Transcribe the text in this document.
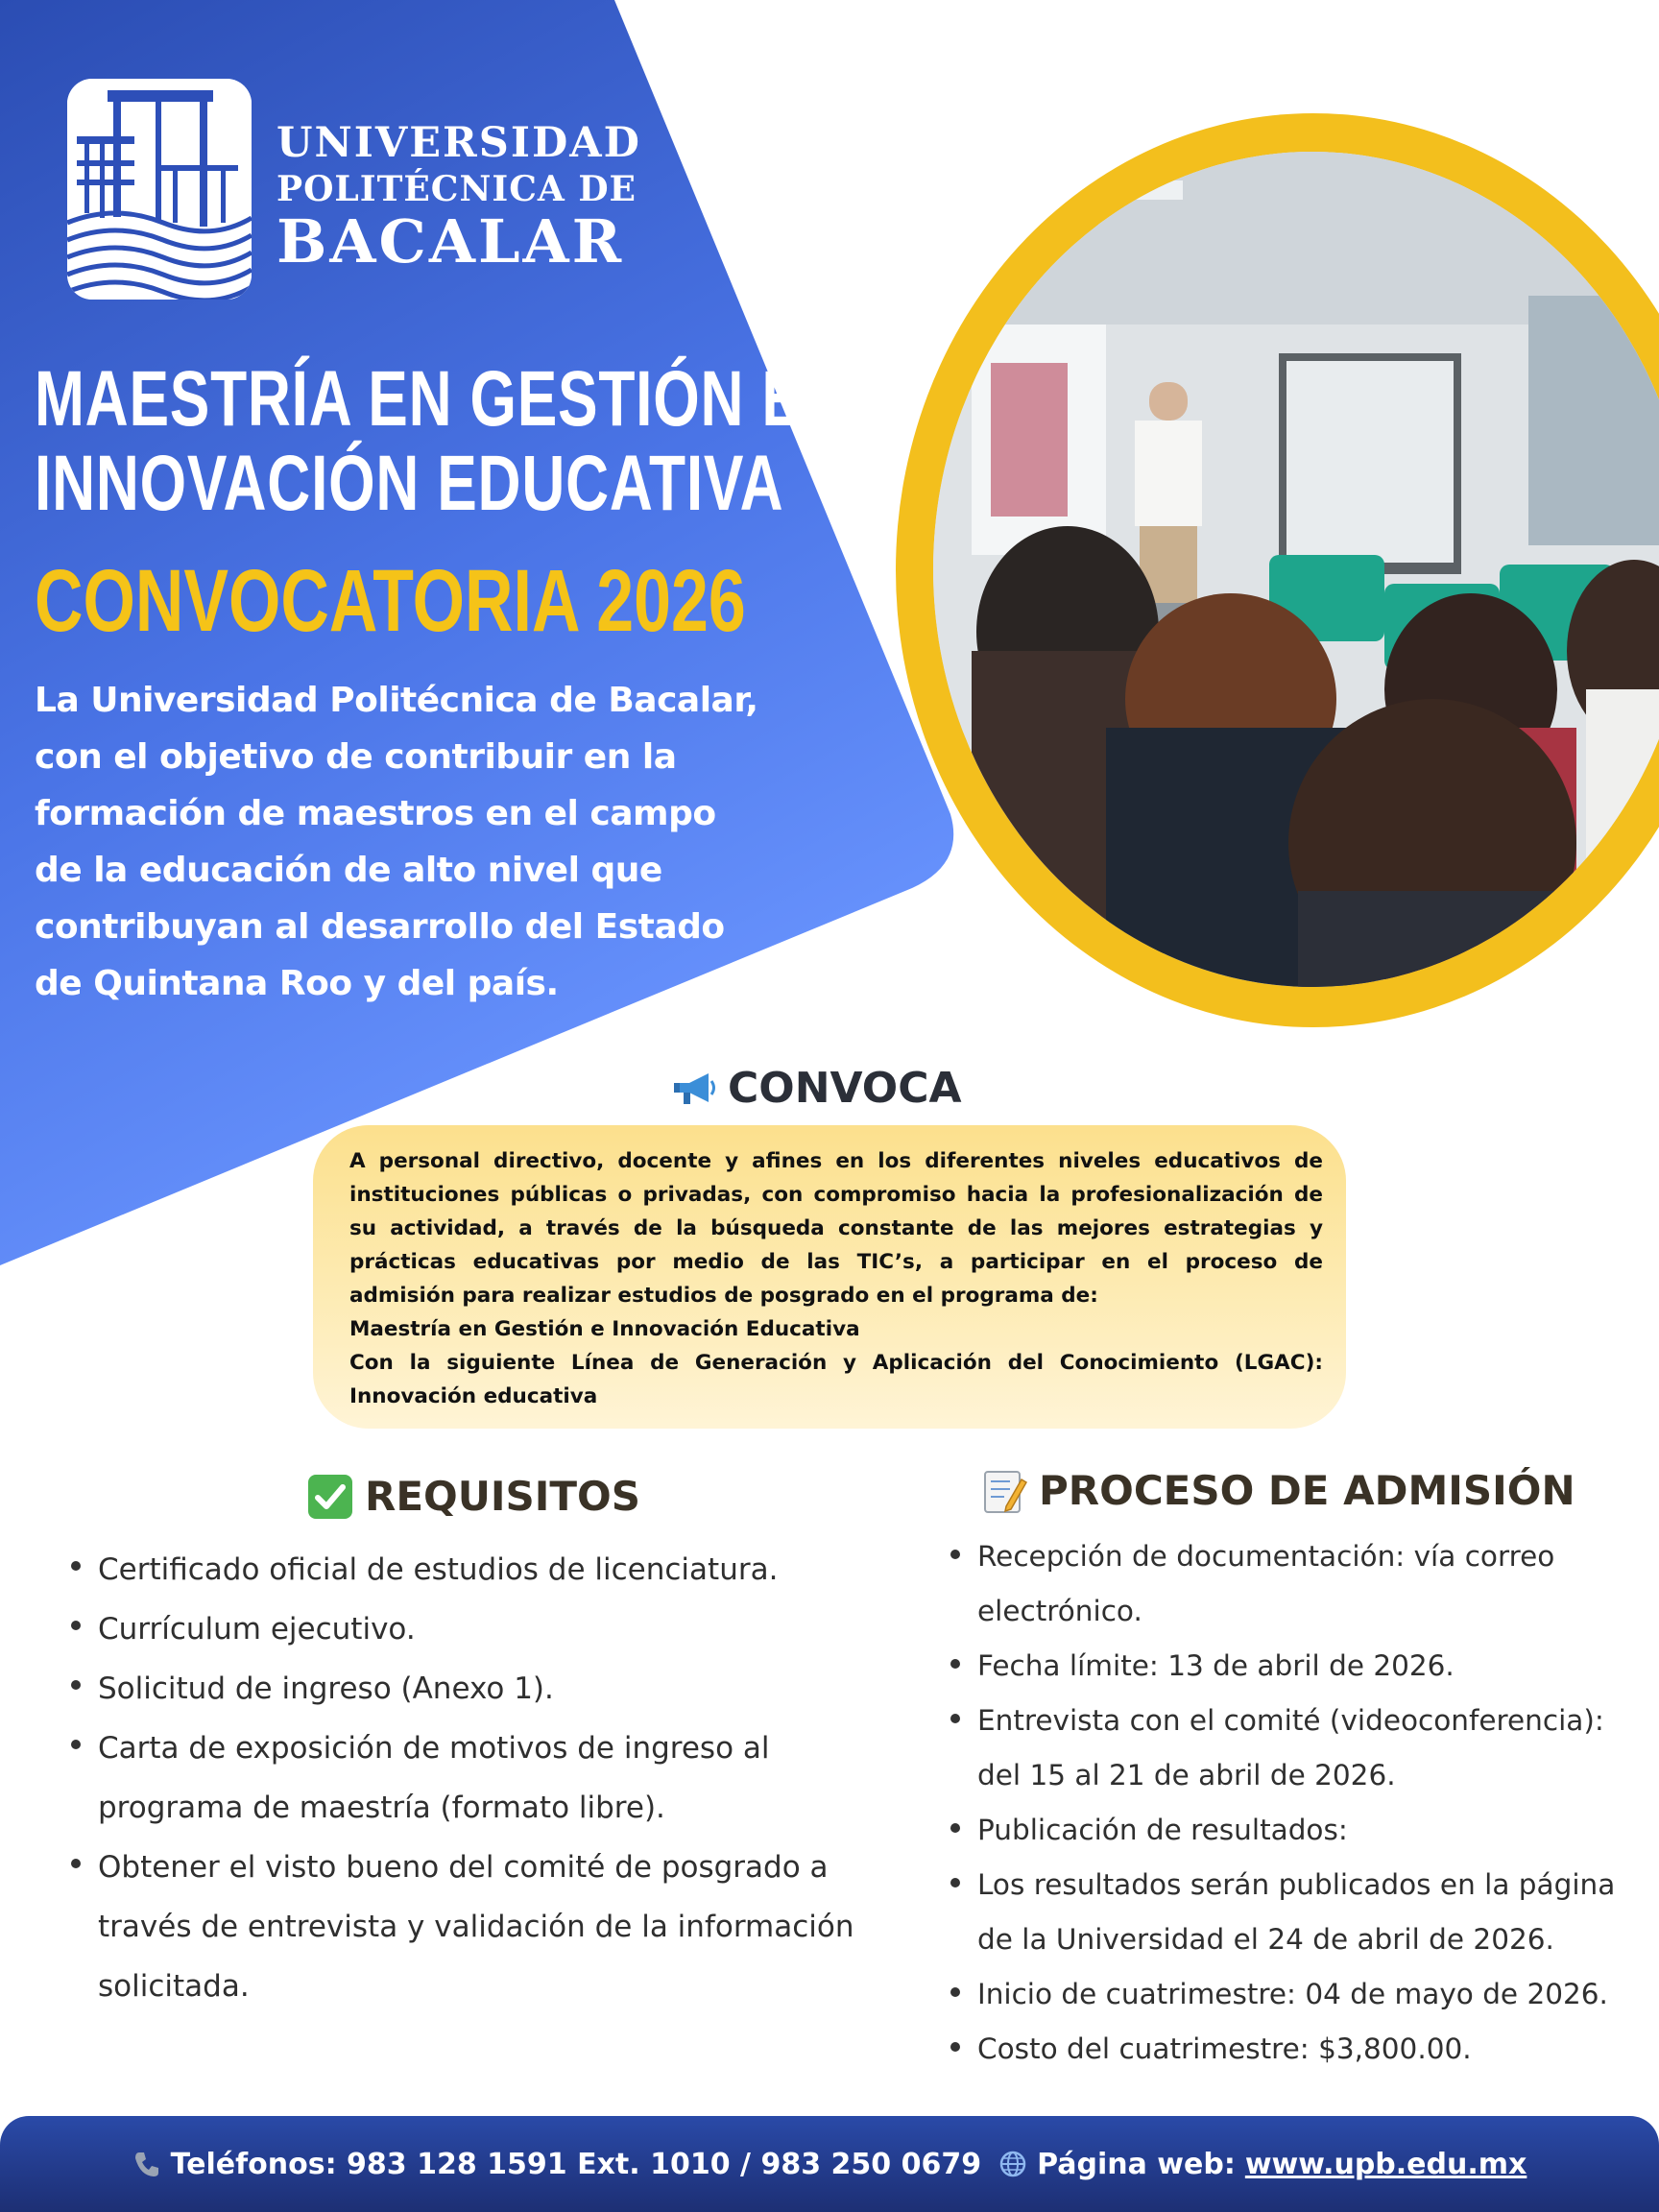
UNIVERSIDAD
POLITÉCNICA DE
BACALAR
MAESTRÍA EN GESTIÓN E
INNOVACIÓN EDUCATIVA
CONVOCATORIA 2026
La Universidad Politécnica de Bacalar,
con el objetivo de contribuir en la
formación de maestros en el campo
de la educación de alto nivel que
contribuyan al desarrollo del Estado
de Quintana Roo y del país.
CONVOCA

A personal directivo, docente y afines en los diferentes niveles educativos de
instituciones públicas o privadas, con compromiso hacia la profesionalización de
su actividad, a través de la búsqueda constante de las mejores estrategias y
prácticas educativas por medio de las TIC’s, a participar en el proceso de
admisión para realizar estudios de posgrado en el programa de:
Maestría en Gestión e Innovación Educativa
Con la siguiente Línea de Generación y Aplicación del Conocimiento (LGAC):
Innovación educativa

REQUISITOS
Certificado oficial de estudios de licenciatura.
Currículum ejecutivo.
Solicitud de ingreso (Anexo 1).
Carta de exposición de motivos de ingreso al
programa de maestría (formato libre).
Obtener el visto bueno del comité de posgrado a
través de entrevista y validación de la información
solicitada.
PROCESO DE ADMISIÓN
Recepción de documentación: vía correo
electrónico.
Fecha límite: 13 de abril de 2026.
Entrevista con el comité (videoconferencia):
del 15 al 21 de abril de 2026.
Publicación de resultados:
Los resultados serán publicados en la página
de la Universidad el 24 de abril de 2026.
Inicio de cuatrimestre: 04 de mayo de 2026.
Costo del cuatrimestre: $3,800.00.
Teléfonos: 983 128 1591 Ext. 1010 / 983 250 0679 Página web: www.upb.edu.mx
